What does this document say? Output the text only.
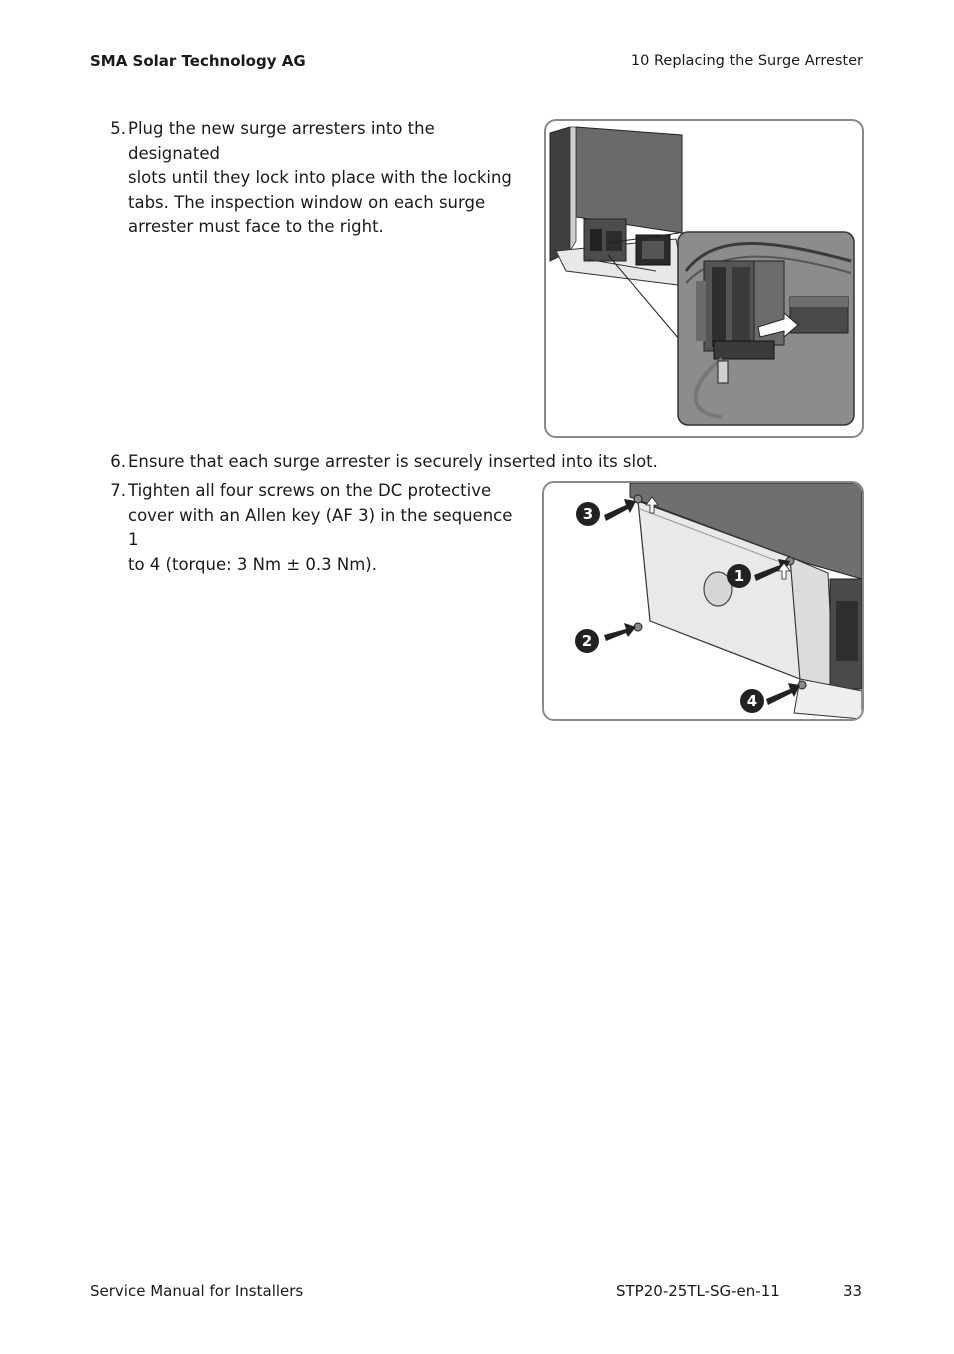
SMA Solar Technology AG	10 Replacing the Surge Arrester
5. Plug the new surge arresters into the designated
slots until they lock into place with the locking
tabs. The inspection window on each surge
arrester must face to the right.
6. Ensure that each surge arrester is securely inserted into its slot.
7. Tighten all four screws on the DC protective
cover with an Allen key (AF 3) in the sequence 1
to 4 (torque: 3 Nm ± 0.3 Nm).
3
1
2
4
Service Manual for Installers	STP20-25TL-SG-en-11	33
